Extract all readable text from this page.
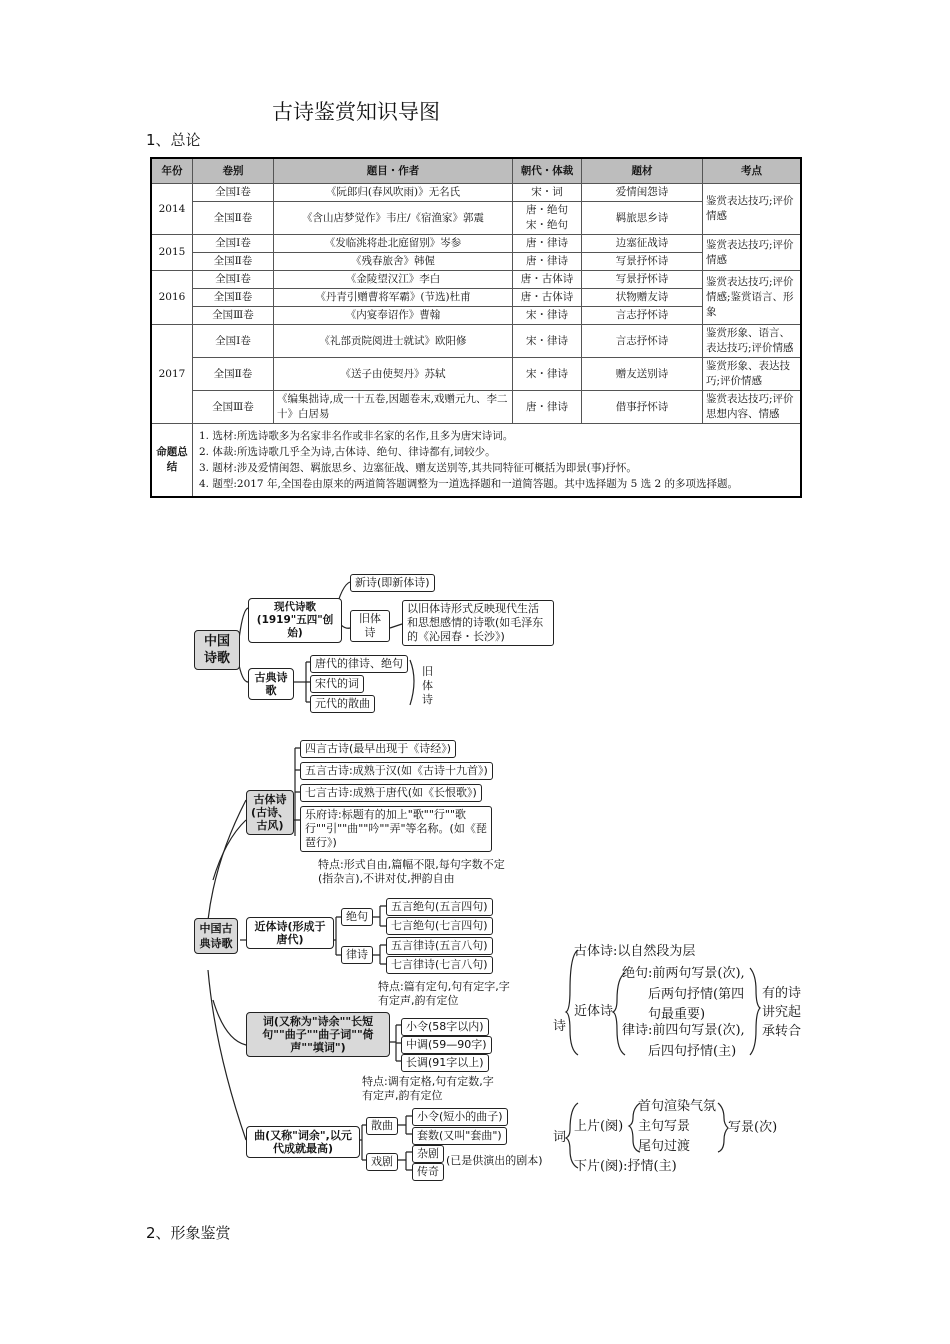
古诗鉴赏知识导图
1、总论
年份	卷别	题目・作者	朝代・体裁	题材	考点
2014	全国Ⅰ卷	《阮郎归(春风吹雨)》无名氏	宋・词	爱情闺怨诗	鉴赏表达技巧;评价情感
	全国Ⅱ卷	《含山店梦觉作》韦庄/《宿渔家》郭震	唐・绝句 宋・绝句	羁旅思乡诗	
2015	全国Ⅰ卷	《发临洮将赴北庭留别》岑参	唐・律诗	边塞征战诗	鉴赏表达技巧;评价情感
	全国Ⅱ卷	《残春旅舍》韩偓	唐・律诗	写景抒怀诗	
2016	全国Ⅰ卷	《金陵望汉江》李白	唐・古体诗	写景抒怀诗	鉴赏表达技巧;评价情感;鉴赏语言、形象
	全国Ⅱ卷	《丹青引赠曹将军霸》(节选)杜甫	唐・古体诗	状物赠友诗	
	全国Ⅲ卷	《内宴奉诏作》曹翰	宋・律诗	言志抒怀诗	
2017	全国Ⅰ卷	《礼部贡院阅进士就试》欧阳修	宋・律诗	言志抒怀诗	鉴赏形象、语言、表达技巧;评价情感
	全国Ⅱ卷	《送子由使契丹》苏轼	宋・律诗	赠友送别诗	鉴赏形象、表达技巧;评价情感
	全国Ⅲ卷	《编集拙诗,成一十五卷,因题卷末,戏赠元九、李二十》白居易	唐・律诗	借事抒怀诗	鉴赏表达技巧;评价思想内容、情感
命题总结	1. 选材:所选诗歌多为名家非名作或非名家的名作,且多为唐宋诗词。
2. 体裁:所选诗歌几乎全为诗,古体诗、绝句、律诗都有,词较少。
3. 题材:涉及爱情闺怨、羁旅思乡、边塞征战、赠友送别等,其共同特征可概括为即景(事)抒怀。
4. 题型:2017 年,全国卷由原来的两道简答题调整为一道选择题和一道简答题。其中选择题为 5 选 2 的多项选择题。				
中国诗歌
现代诗歌(1919"五四"创始)
新诗(即新体诗)
旧体诗
以旧体诗形式反映现代生活和思想感情的诗歌(如毛泽东的《沁园春・长沙》)
古典诗歌
唐代的律诗、绝句
宋代的词
元代的散曲
旧体诗
中国古典诗歌
古体诗(古诗、古风)
四言古诗(最早出现于《诗经》)
五言古诗:成熟于汉(如《古诗十九首》)
七言古诗:成熟于唐代(如《长恨歌》)
乐府诗:标题有的加上"歌""行""歌行""引""曲""吟""弄"等名称。(如《琵琶行》)
特点:形式自由,篇幅不限,每句字数不定(指杂言),不讲对仗,押韵自由
近体诗(形成于唐代)
绝句
五言绝句(五言四句)
七言绝句(七言四句)
律诗
五言律诗(五言八句)
七言律诗(七言八句)
特点:篇有定句,句有定字,字有定声,韵有定位
词(又称为"诗余""长短句""曲子""曲子词""倚声""填词")
小令(58字以内)
中调(59—90字)
长调(91字以上)
特点:调有定格,句有定数,字有定声,韵有定位
曲(又称"词余",以元代成就最高)
散曲
小令(短小的曲子)
套数(又叫"套曲")
戏剧
杂剧
传奇
(已是供演出的剧本)
诗
古体诗:以自然段为层
近体诗
绝句:前两句写景(次),
后两句抒情(第四
句最重要)
律诗:前四句写景(次),
后四句抒情(主)
有的诗讲究起承转合
词
上片(阕)
首句渲染气氛
主句写景
尾句过渡
写景(次)
下片(阕):抒情(主)
2、形象鉴赏
